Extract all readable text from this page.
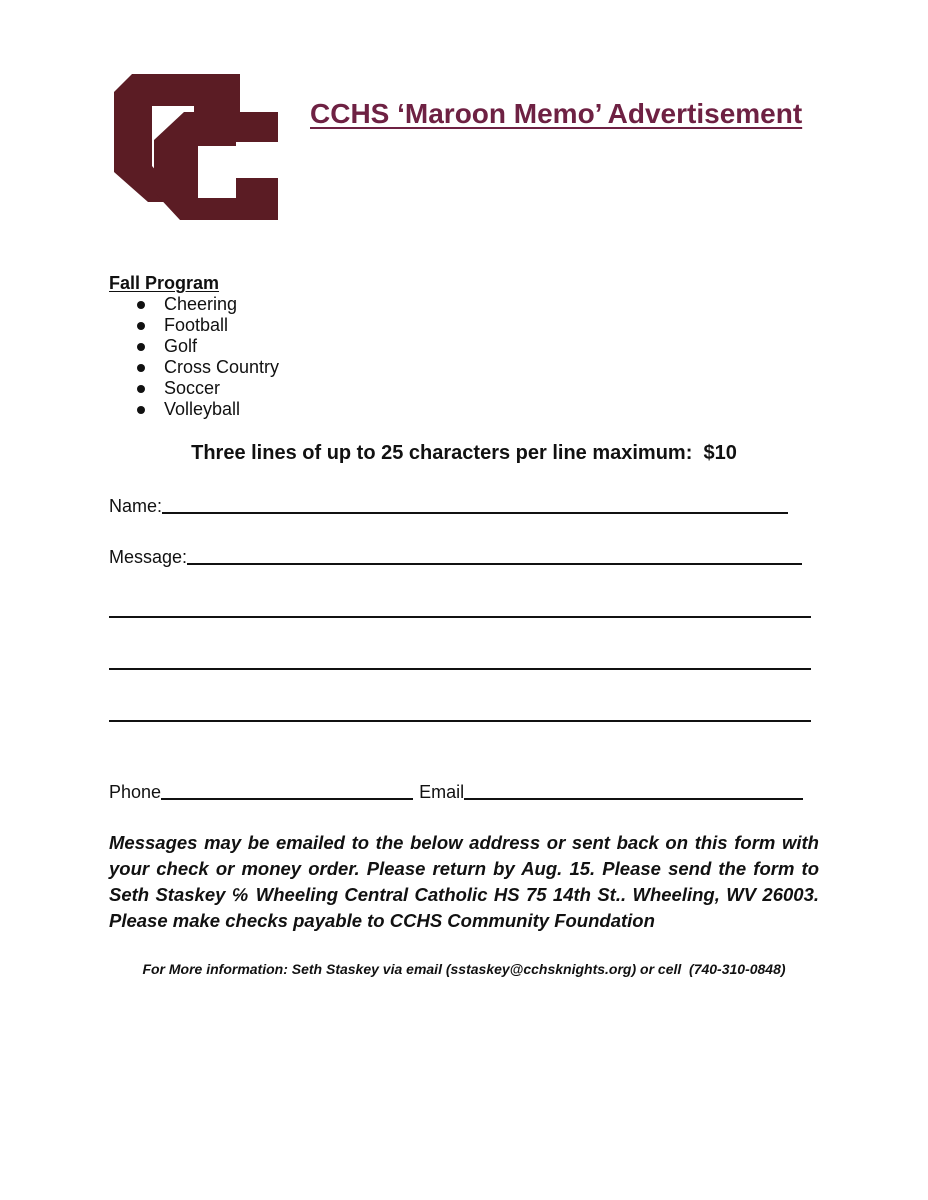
CCHS ‘Maroon Memo’ Advertisement
Fall Program
Cheering
Football
Golf
Cross Country
Soccer
Volleyball
Three lines of up to 25 characters per line maximum:  $10
Name:
Message:
Phone	Email
Messages may be emailed to the below address or sent back on this form with your check or money order. Please return by Aug. 15. Please send the form to Seth Staskey ℅ Wheeling Central Catholic HS 75 14th St.. Wheeling, WV 26003. Please make checks payable to CCHS Community Foundation
For More information: Seth Staskey via email (sstaskey@cchsknights.org) or cell  (740-310-0848)
